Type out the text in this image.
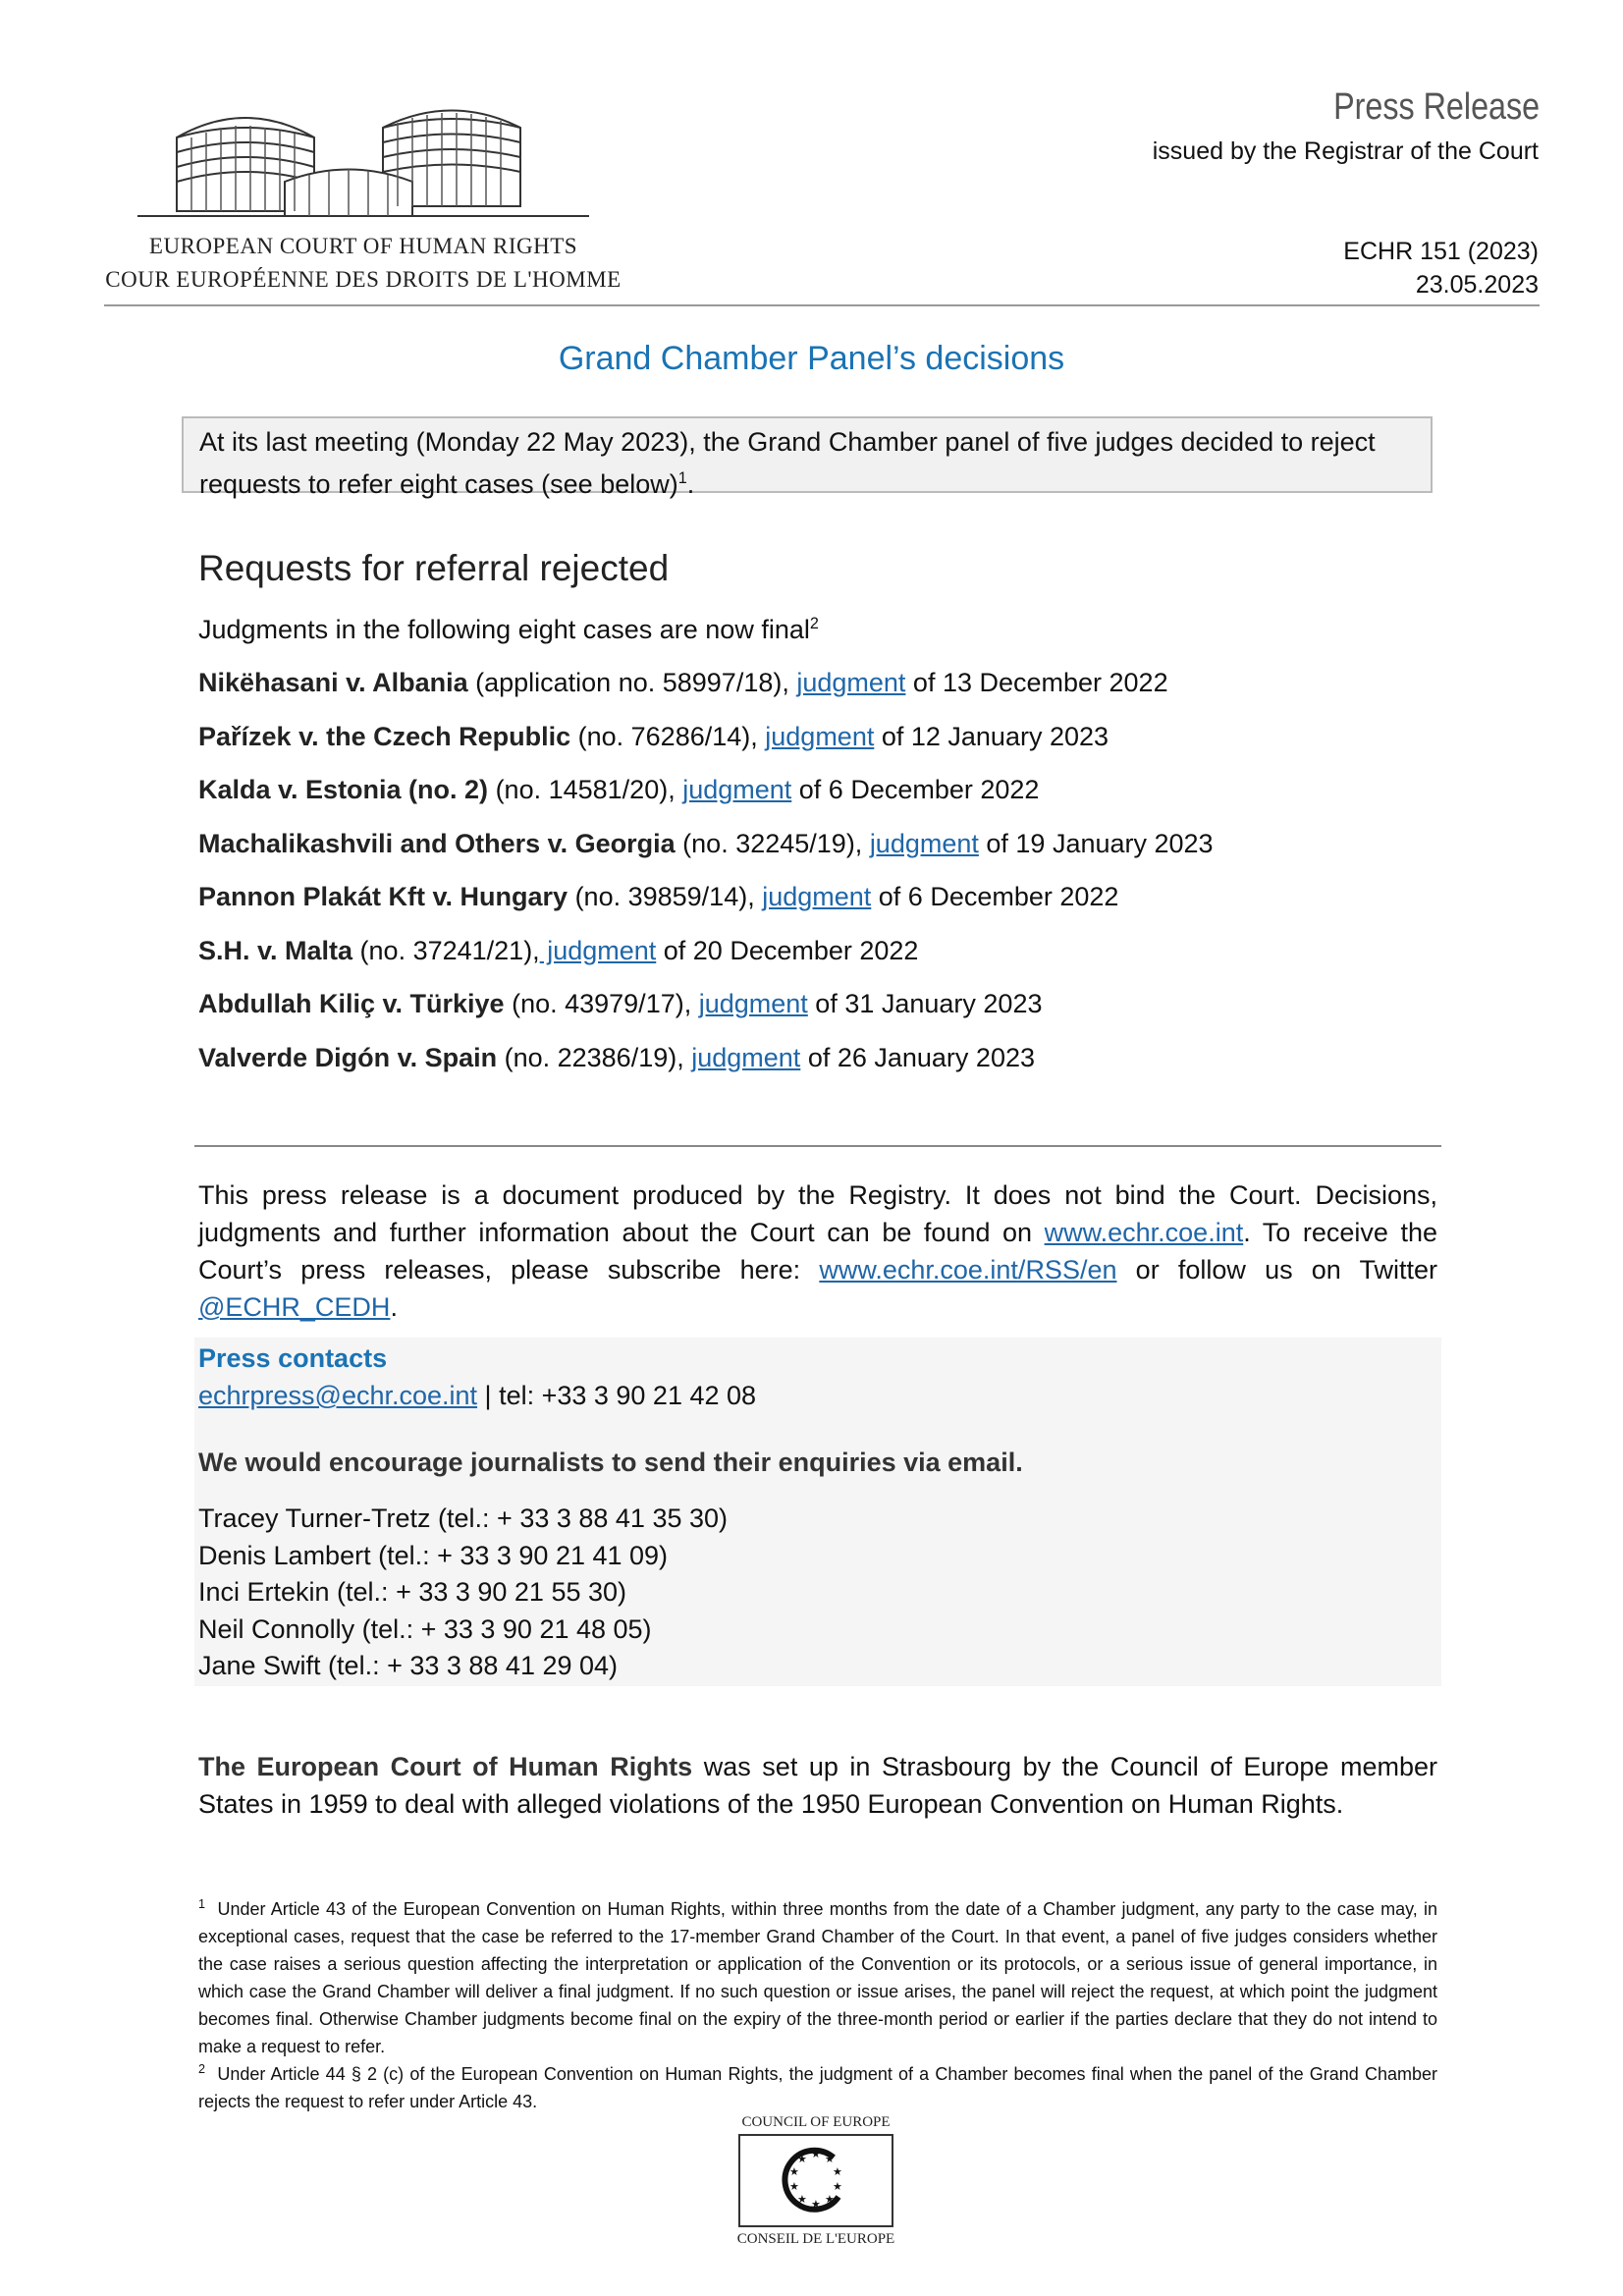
EUROPEAN COURT OF HUMAN RIGHTS
COUR EUROPÉENNE DES DROITS DE L'HOMME
Press Release
issued by the Registrar of the Court
ECHR 151 (2023)
23.05.2023
Grand Chamber Panel’s decisions
At its last meeting (Monday 22 May 2023), the Grand Chamber panel of five judges decided to reject requests to refer eight cases (see below)$^1$.
Requests for referral rejected
Judgments in the following eight cases are now final$^2$
Nikëhasani v. Albania (application no. 58997/18), judgment of 13 December 2022
Pařízek v. the Czech Republic (no. 76286/14), judgment of 12 January 2023
Kalda v. Estonia (no. 2) (no. 14581/20), judgment of 6 December 2022
Machalikashvili and Others v. Georgia (no. 32245/19), judgment of 19 January 2023
Pannon Plakát Kft v. Hungary (no. 39859/14), judgment of 6 December 2022
S.H. v. Malta (no. 37241/21), judgment of 20 December 2022
Abdullah Kiliç v. Türkiye (no. 43979/17), judgment of 31 January 2023
Valverde Digón v. Spain (no. 22386/19), judgment of 26 January 2023
This press release is a document produced by the Registry. It does not bind the Court. Decisions, judgments and further information about the Court can be found on www.echr.coe.int. To receive the Court’s press releases, please subscribe here: www.echr.coe.int/RSS/en or follow us on Twitter @ECHR_CEDH.
Press contacts
echrpress@echr.coe.int | tel: +33 3 90 21 42 08
We would encourage journalists to send their enquiries via email.
Tracey Turner-Tretz (tel.: + 33 3 88 41 35 30)
Denis Lambert (tel.: + 33 3 90 21 41 09)
Inci Ertekin (tel.: + 33 3 90 21 55 30)
Neil Connolly (tel.: + 33 3 90 21 48 05)
Jane Swift (tel.: + 33 3 88 41 29 04)
The European Court of Human Rights was set up in Strasbourg by the Council of Europe member States in 1959 to deal with alleged violations of the 1950 European Convention on Human Rights.
$^1$ Under Article 43 of the European Convention on Human Rights, within three months from the date of a Chamber judgment, any party to the case may, in exceptional cases, request that the case be referred to the 17-member Grand Chamber of the Court. In that event, a panel of five judges considers whether the case raises a serious question affecting the interpretation or application of the Convention or its protocols, or a serious issue of general importance, in which case the Grand Chamber will deliver a final judgment. If no such question or issue arises, the panel will reject the request, at which point the judgment becomes final. Otherwise Chamber judgments become final on the expiry of the three-month period or earlier if the parties declare that they do not intend to make a request to refer.
$^2$ Under Article 44 § 2 (c) of the European Convention on Human Rights, the judgment of a Chamber becomes final when the panel of the Grand Chamber rejects the request to refer under Article 43.
COUNCIL OF EUROPE
★ ★
★
★
★
★
★
★
★
★
CONSEIL DE L'EUROPE
